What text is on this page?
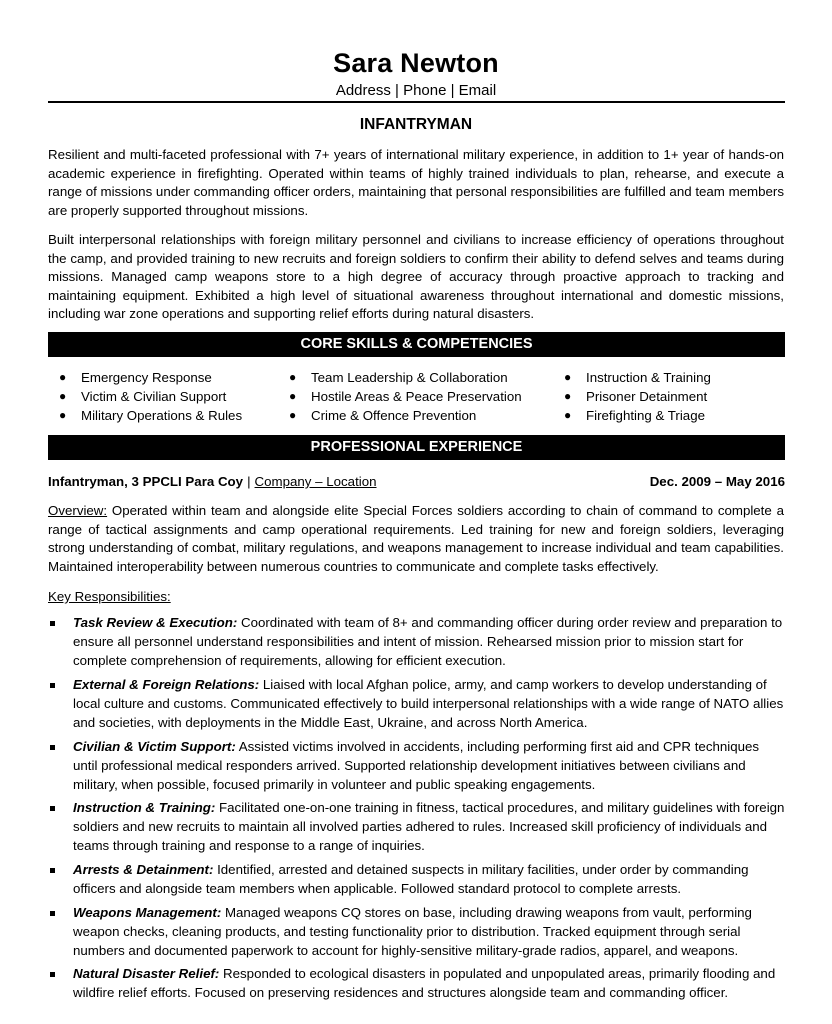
Sara Newton
Address | Phone | Email
INFANTRYMAN

Resilient and multi-faceted professional with 7+ years of international military experience, in addition to 1+ year of hands-on academic experience in firefighting. Operated within teams of highly trained individuals to plan, rehearse, and execute a range of missions under commanding officer orders, maintaining that personal responsibilities are fulfilled and team members are properly supported throughout missions.

Built interpersonal relationships with foreign military personnel and civilians to increase efficiency of operations throughout the camp, and provided training to new recruits and foreign soldiers to confirm their ability to defend selves and teams during missions. Managed camp weapons store to a high degree of accuracy through proactive approach to tracking and maintaining equipment. Exhibited a high level of situational awareness throughout international and domestic missions, including war zone operations and supporting relief efforts during natural disasters.

CORE SKILLS & COMPETENCIES
● Emergency Response
● Victim & Civilian Support
● Military Operations & Rules
● Team Leadership & Collaboration
● Hostile Areas & Peace Preservation
● Crime & Offence Prevention
● Instruction & Training
● Prisoner Detainment
● Firefighting & Triage
PROFESSIONAL EXPERIENCE
Infantryman, 3 PPCLI Para Coy | Company – Location	Dec. 2009 – May 2016

Overview: Operated within team and alongside elite Special Forces soldiers according to chain of command to complete a range of tactical assignments and camp operational requirements. Led training for new and foreign soldiers, leveraging strong understanding of combat, military regulations, and weapons management to increase individual and team capabilities. Maintained interoperability between numerous countries to communicate and complete tasks effectively.

Key Responsibilities:
Task Review & Execution: Coordinated with team of 8+ and commanding officer during order review and preparation to ensure all personnel understand responsibilities and intent of mission. Rehearsed mission prior to mission start for complete comprehension of requirements, allowing for efficient execution.
External & Foreign Relations: Liaised with local Afghan police, army, and camp workers to develop understanding of local culture and customs. Communicated effectively to build interpersonal relationships with a wide range of NATO allies and societies, with deployments in the Middle East, Ukraine, and across North America.
Civilian & Victim Support: Assisted victims involved in accidents, including performing first aid and CPR techniques until professional medical responders arrived. Supported relationship development initiatives between civilians and military, when possible, focused primarily in volunteer and public speaking engagements.
Instruction & Training: Facilitated one-on-one training in fitness, tactical procedures, and military guidelines with foreign soldiers and new recruits to maintain all involved parties adhered to rules. Increased skill proficiency of individuals and teams through training and response to a range of inquiries.
Arrests & Detainment: Identified, arrested and detained suspects in military facilities, under order by commanding officers and alongside team members when applicable. Followed standard protocol to complete arrests.
Weapons Management: Managed weapons CQ stores on base, including drawing weapons from vault, performing weapon checks, cleaning products, and testing functionality prior to distribution. Tracked equipment through serial numbers and documented paperwork to account for highly-sensitive military-grade radios, apparel, and weapons.
Natural Disaster Relief: Responded to ecological disasters in populated and unpopulated areas, primarily flooding and wildfire relief efforts. Focused on preserving residences and structures alongside team and commanding officer.
